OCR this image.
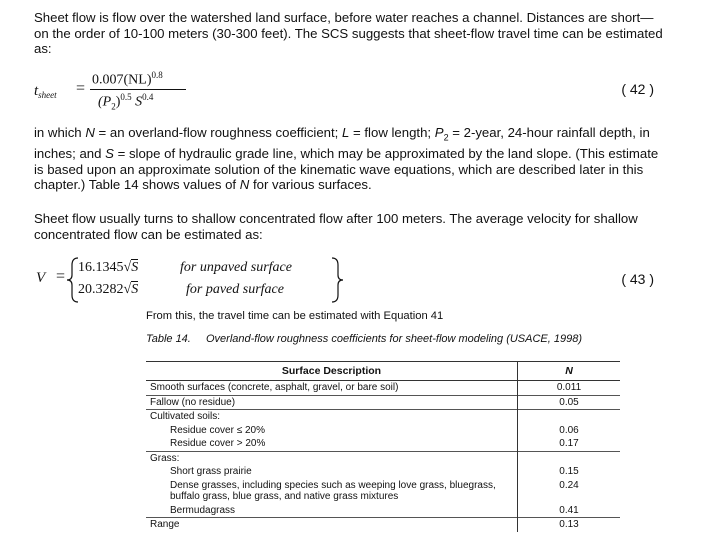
Sheet flow is flow over the watershed land surface, before water reaches a channel. Distances are short—on the order of 10-100 meters (30-300 feet). The SCS suggests that sheet-flow travel time can be estimated as:

$t_{sheet} = 0.007(NL)^{0.8}$
$(P_2)^{0.5}$ $S^{0.4}$	( 42 )

in which N = an overland-flow roughness coefficient; L = flow length; $P_2$ = 2-year, 24-hour rainfall depth, in inches; and S = slope of hydraulic grade line, which may be approximated by the land slope. (This estimate is based upon an approximate solution of the kinematic wave equations, which are described later in this chapter.) Table 14 shows values of N for various surfaces.

Sheet flow usually turns to shallow concentrated flow after 100 meters. The average velocity for shallow concentrated flow can be estimated as:

V =
16.1345√S	for unpaved surface
20.3282√S	for paved surface
( 43 )

From this, the travel time can be estimated with Equation 41

Table 14.	Overland-flow roughness coefficients for sheet-flow modeling (USACE, 1998)
Surface Description	N
Smooth surfaces (concrete, asphalt, gravel, or bare soil)	0.011
Fallow (no residue)	0.05
Cultivated soils:	
Residue cover ≤ 20%	0.06
Residue cover > 20%	0.17
Grass:	
Short grass prairie	0.15
Dense grasses, including species such as weeping love grass, bluegrass, buffalo grass, blue grass, and native grass mixtures	0.24
Bermudagrass	0.41
Range	0.13
